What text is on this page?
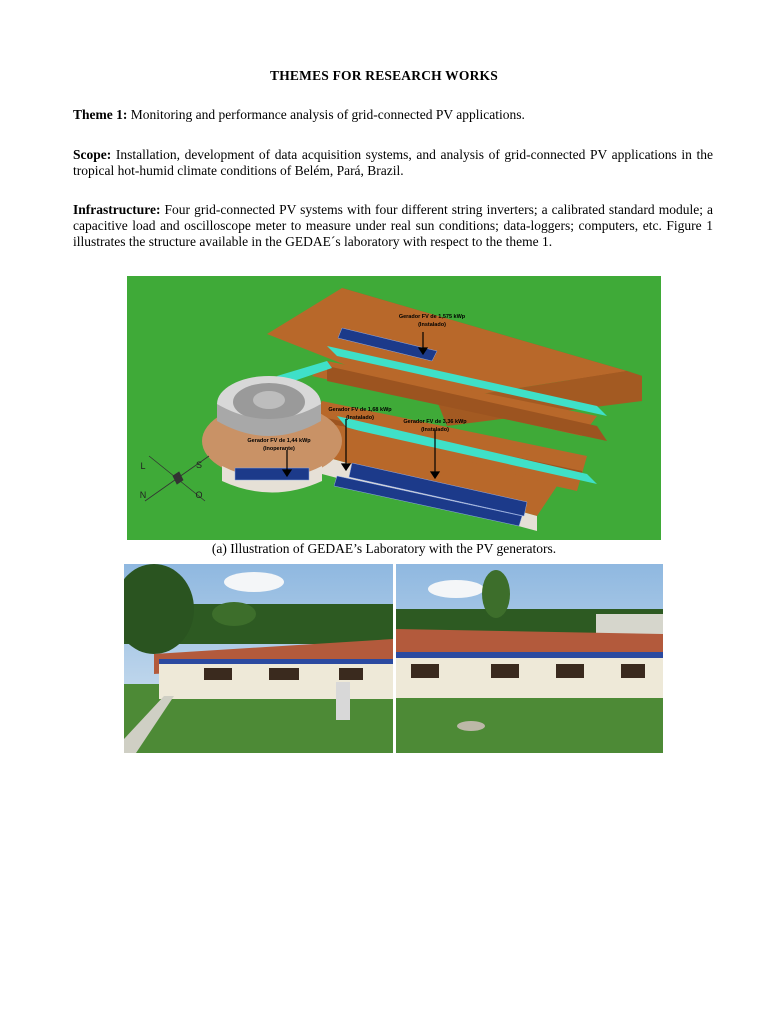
THEMES FOR RESEARCH WORKS
Theme 1: Monitoring and performance analysis of grid-connected PV applications.
Scope: Installation, development of data acquisition systems, and analysis of grid-connected PV applications in the tropical hot-humid climate conditions of Belém, Pará, Brazil.
Infrastructure: Four grid-connected PV systems with four different string inverters; a calibrated standard module; a capacitive load and oscilloscope meter to measure under real sun conditions; data-loggers; computers, etc. Figure 1 illustrates the structure available in the GEDAE´s laboratory with respect to the theme 1.
Gerador FV de 1,575 kWp
(Instalado)
Gerador FV de 1,68 kWp
(Instalado)
Gerador FV de 3,36 kWp
(Instalado)
Gerador FV de 1,44 kWp
(Inoperante)
L	S
O
N
(a) Illustration of GEDAE’s Laboratory with the PV generators.
